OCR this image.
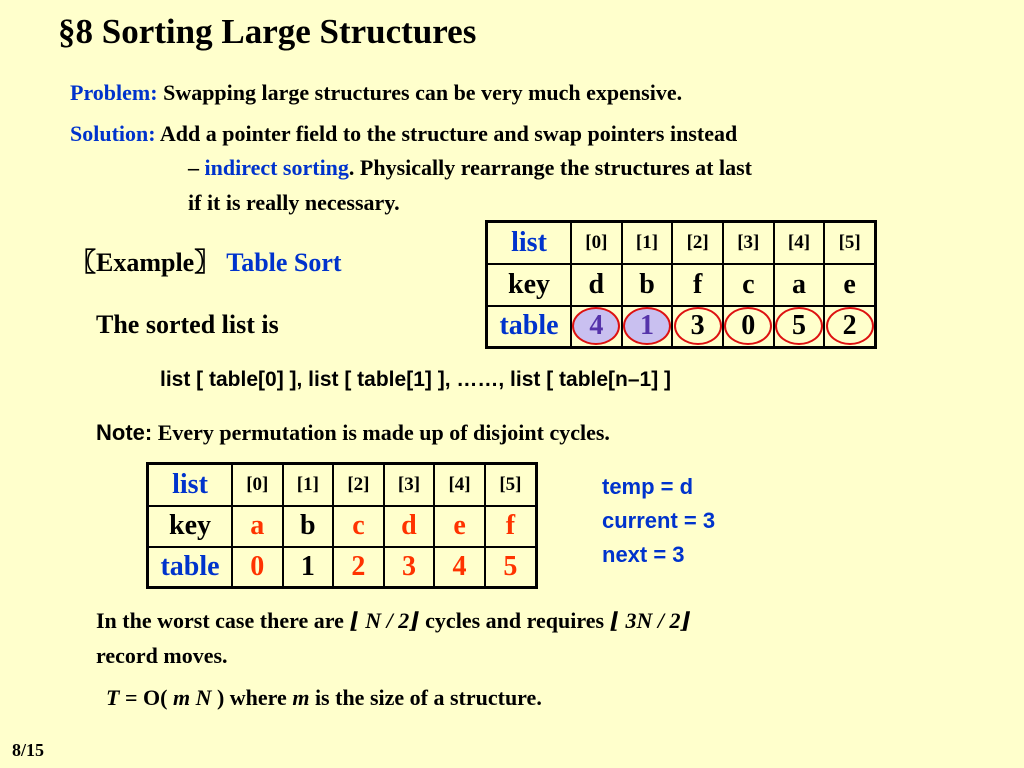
§8 Sorting Large Structures
Problem: Swapping large structures can be very much expensive.
Solution: Add a pointer field to the structure and swap pointers instead
– indirect sorting. Physically rearrange the structures at last
if it is really necessary.
〖Example〗 Table Sort
The sorted list is
list	[0]	[1]	[2]	[3]	[4]	[5]
key	d	b	f	c	a	e
table	4	1	3	0	5	2
list [ table[0] ], list [ table[1] ], ……, list [ table[n–1] ]
Note: Every permutation is made up of disjoint cycles.
list	[0]	[1]	[2]	[3]	[4]	[5]
key	a	b	c	d	e	f
table	0	1	2	3	4	5
temp = d
current = 3
next = 3
In the worst case there are ⌊ N / 2⌋ cycles and requires ⌊ 3N / 2⌋
record moves.
T = O( m N ) where m is the size of a structure.
8/15
